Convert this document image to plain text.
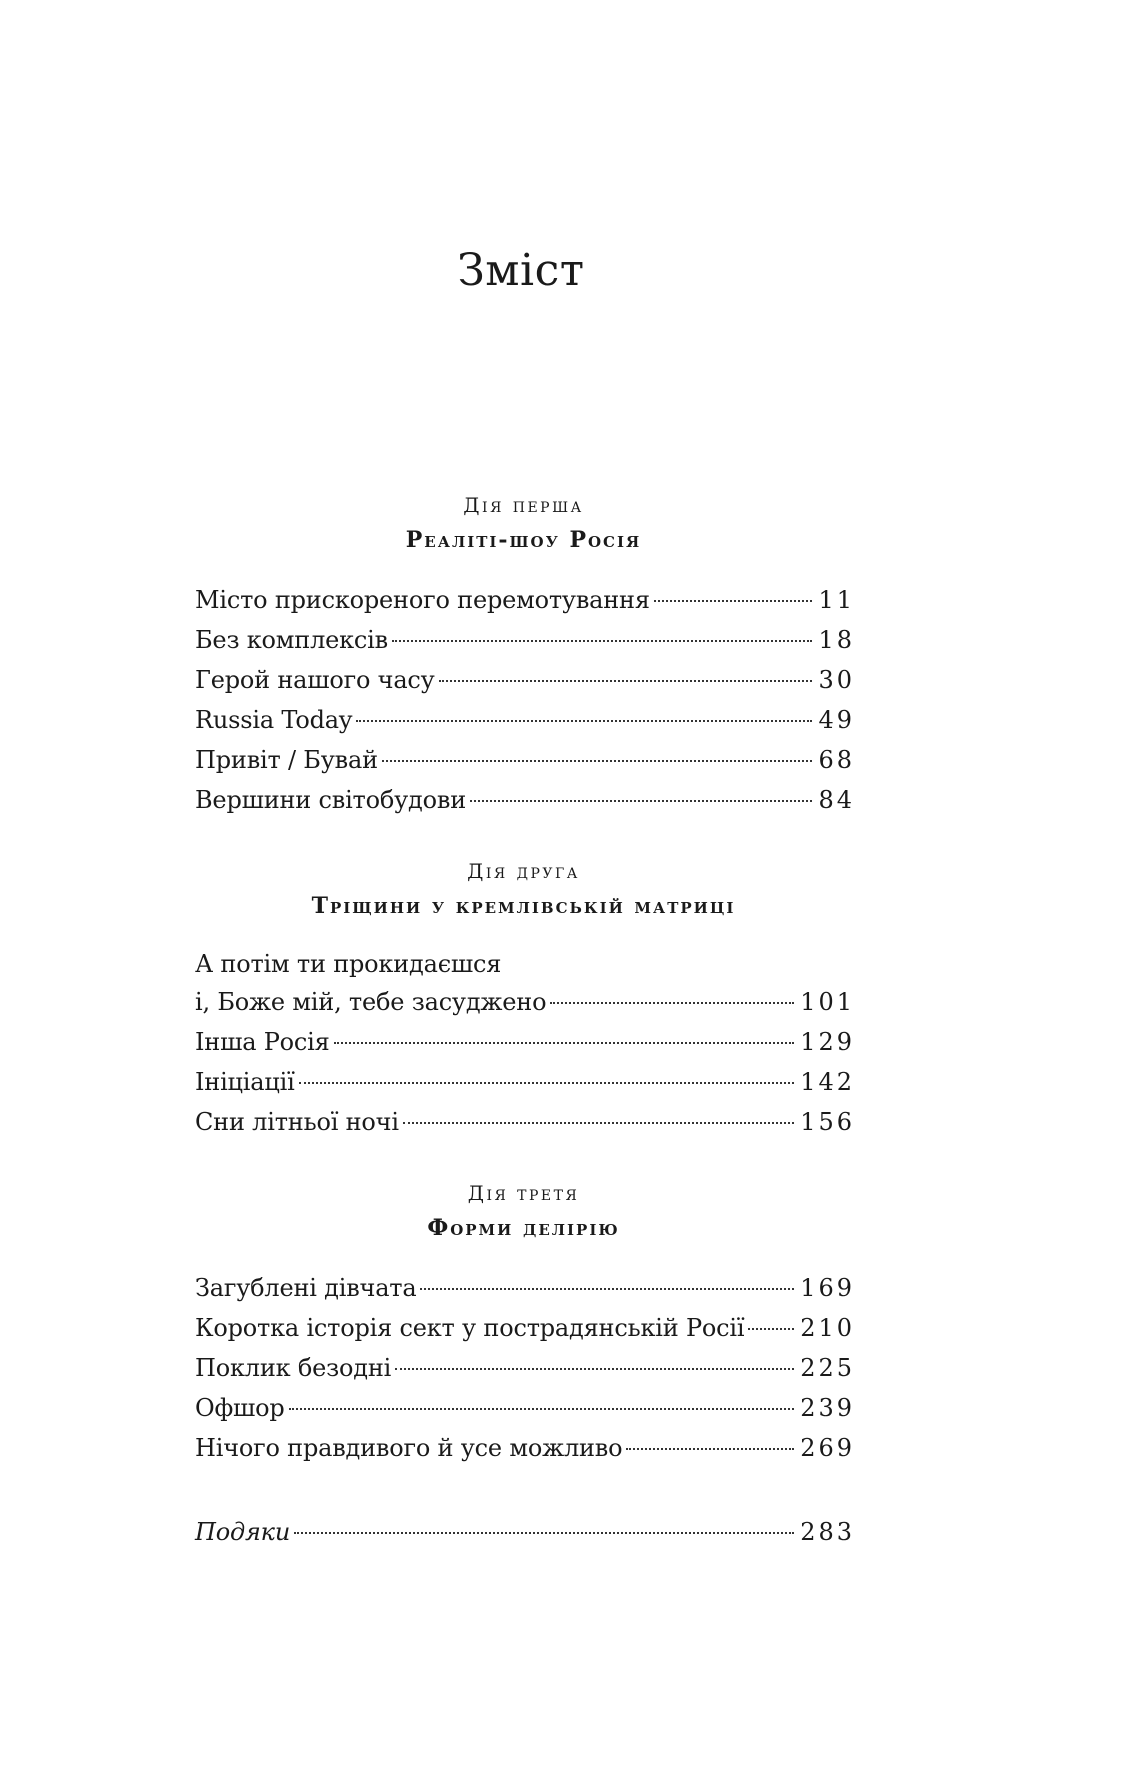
Зміст
Дія перша
Реаліті-шоу Росія
Місто прискореного перемотування	11
Без комплексів	18
Герой нашого часу	30
Russia Today	49
Привіт / Бувай	68
Вершини світобудови	84
Дія друга
Тріщини у кремлівській матриці
А потім ти прокидаєшся
і, Боже мій, тебе засуджено	101
Інша Росія	129
Ініціації	142
Сни літньої ночі	156
Дія третя
Форми делірію
Загублені дівчата	169
Коротка історія сект у пострадянській Росії 210
Поклик безодні	225
Офшор	239
Нічого правдивого й усе можливо	269
Подяки	283
